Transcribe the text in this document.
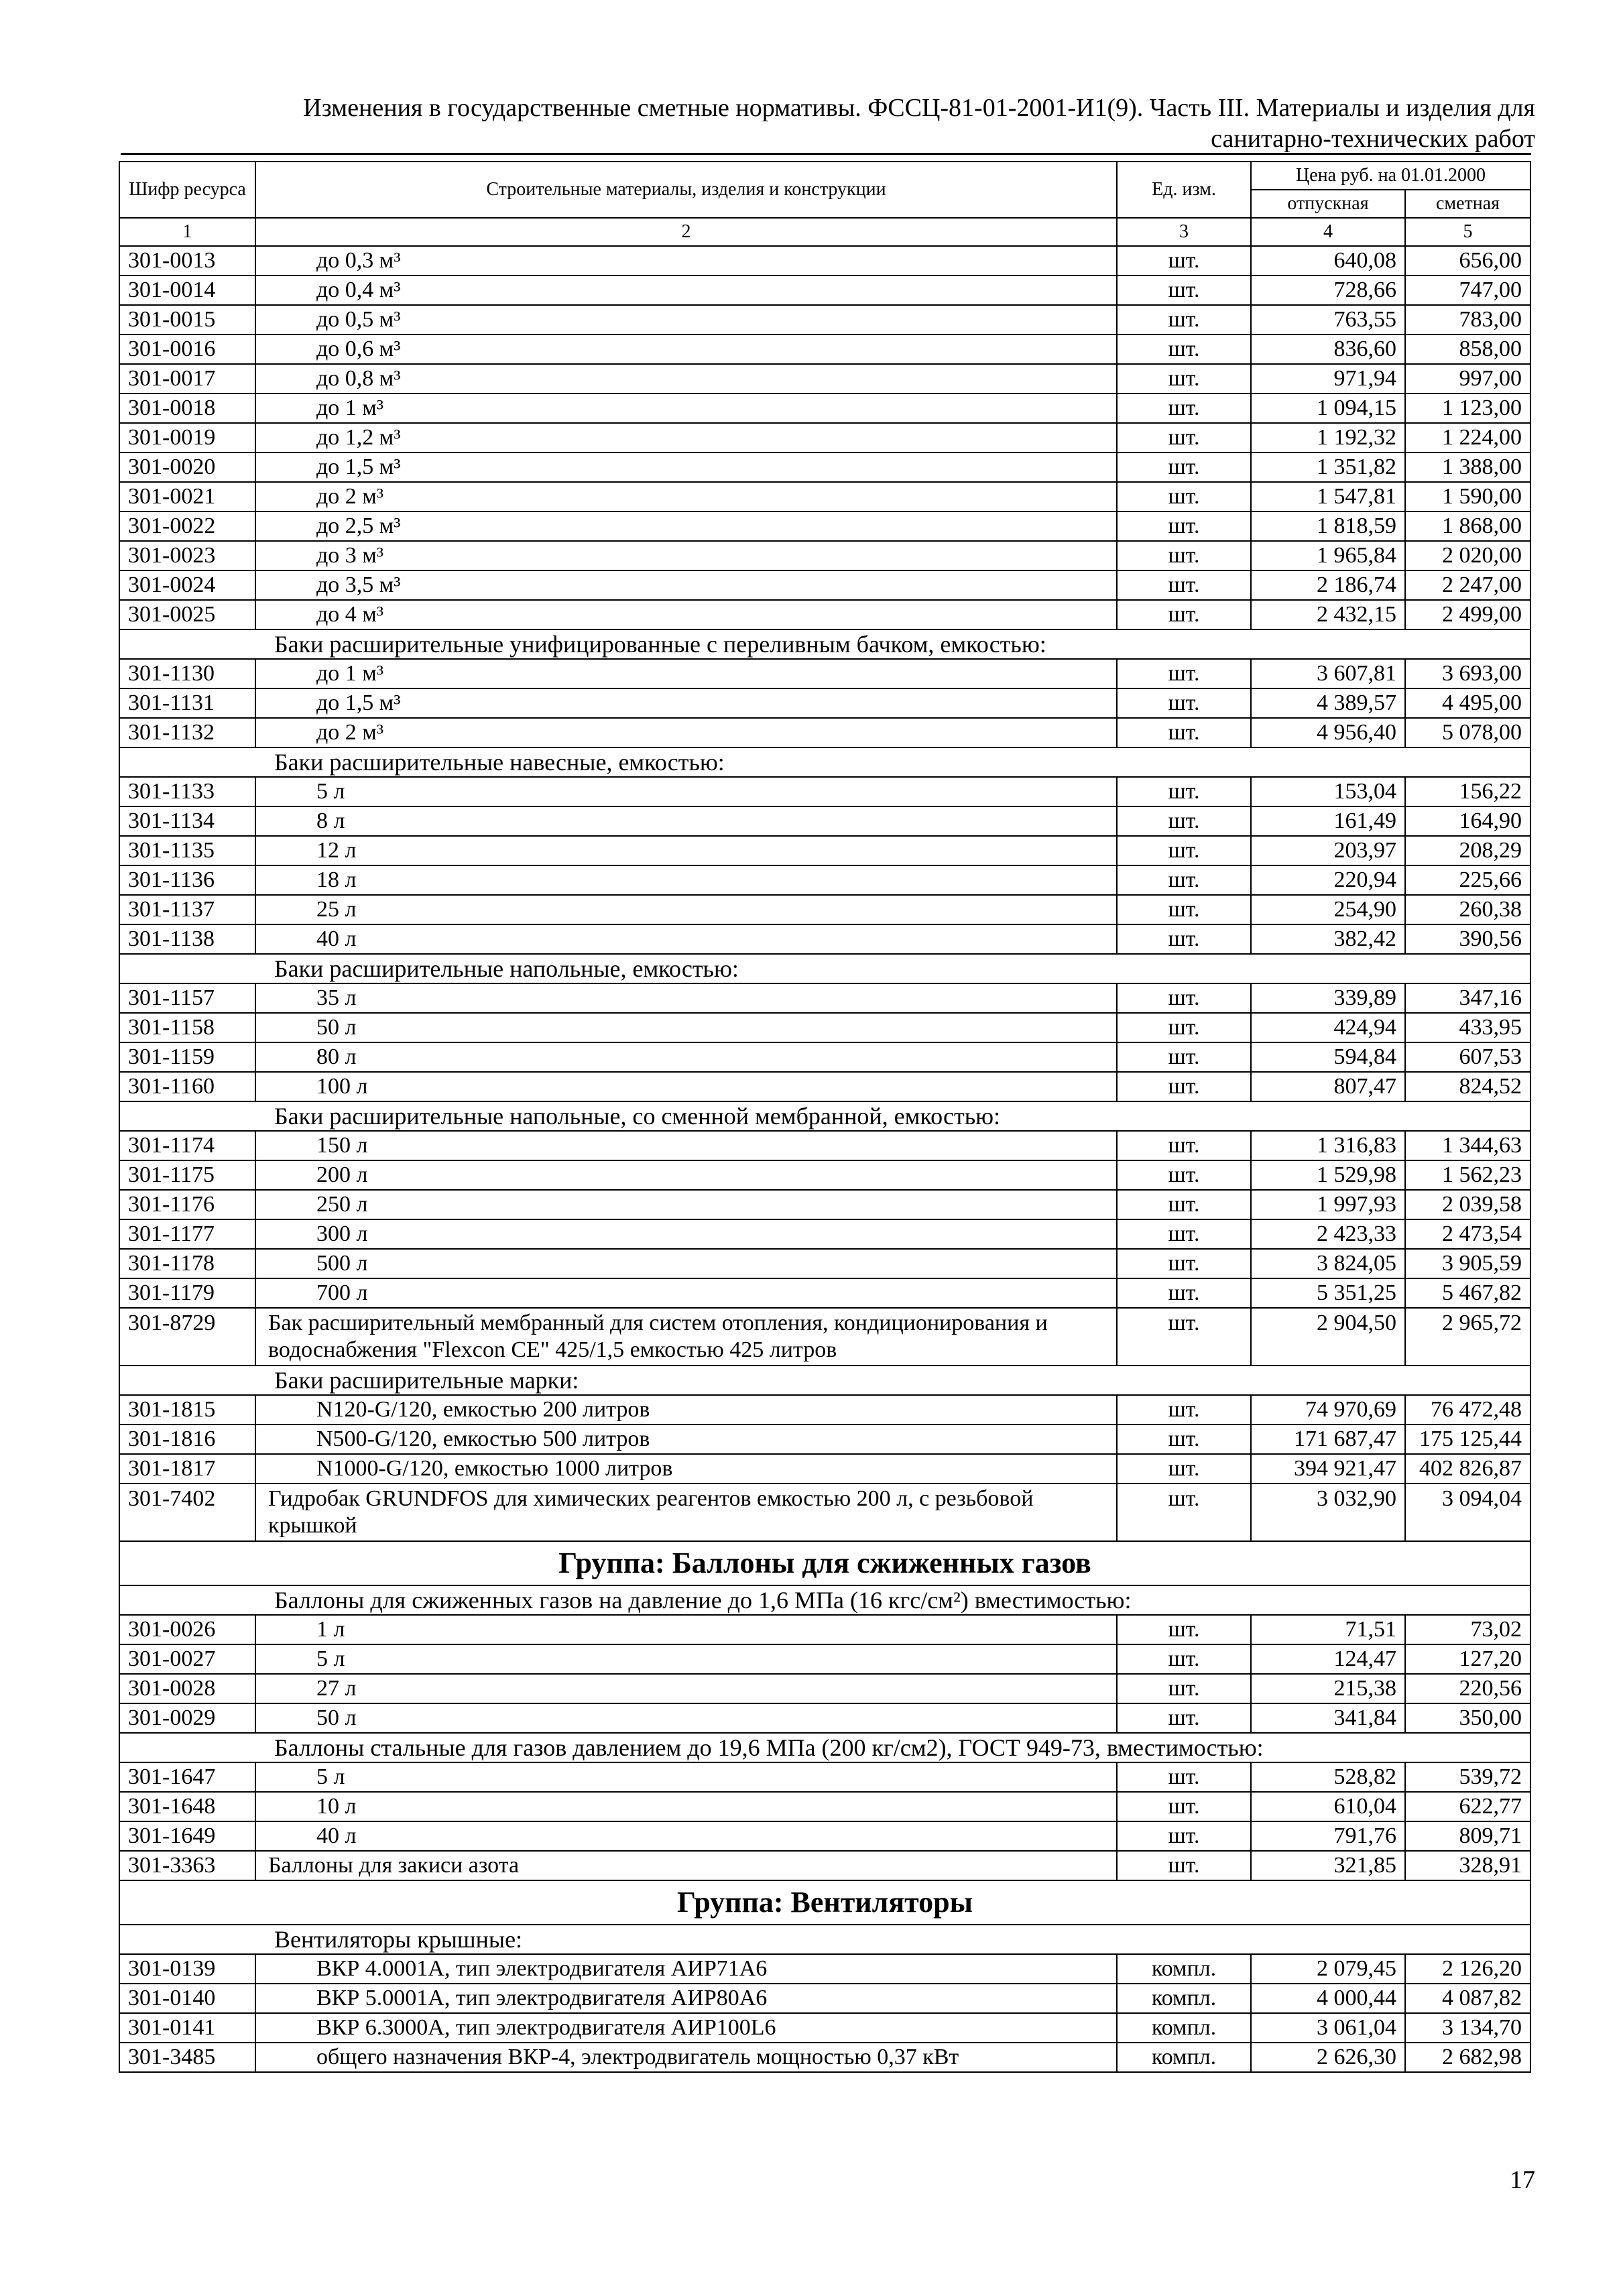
Изменения в государственные сметные нормативы. ФССЦ-81-01-2001-И1(9). Часть III. Материалы и изделия для
санитарно-технических работ
Шифр ресурса	Строительные материалы, изделия и конструкции	Ед. изм.	Цена руб. на 01.01.2000	
			отпускная	сметная
1	2	3	4	5
301-0013	до 0,3 м³	шт.	640,08	656,00
301-0014	до 0,4 м³	шт.	728,66	747,00
301-0015	до 0,5 м³	шт.	763,55	783,00
301-0016	до 0,6 м³	шт.	836,60	858,00
301-0017	до 0,8 м³	шт.	971,94	997,00
301-0018	до 1 м³	шт.	1 094,15	1 123,00
301-0019	до 1,2 м³	шт.	1 192,32	1 224,00
301-0020	до 1,5 м³	шт.	1 351,82	1 388,00
301-0021	до 2 м³	шт.	1 547,81	1 590,00
301-0022	до 2,5 м³	шт.	1 818,59	1 868,00
301-0023	до 3 м³	шт.	1 965,84	2 020,00
301-0024	до 3,5 м³	шт.	2 186,74	2 247,00
301-0025	до 4 м³	шт.	2 432,15	2 499,00
Баки расширительные унифицированные с переливным бачком, емкостью:				
301-1130	до 1 м³	шт.	3 607,81	3 693,00
301-1131	до 1,5 м³	шт.	4 389,57	4 495,00
301-1132	до 2 м³	шт.	4 956,40	5 078,00
Баки расширительные навесные, емкостью:				
301-1133	5 л	шт.	153,04	156,22
301-1134	8 л	шт.	161,49	164,90
301-1135	12 л	шт.	203,97	208,29
301-1136	18 л	шт.	220,94	225,66
301-1137	25 л	шт.	254,90	260,38
301-1138	40 л	шт.	382,42	390,56
Баки расширительные напольные, емкостью:				
301-1157	35 л	шт.	339,89	347,16
301-1158	50 л	шт.	424,94	433,95
301-1159	80 л	шт.	594,84	607,53
301-1160	100 л	шт.	807,47	824,52
Баки расширительные напольные, со сменной мембранной, емкостью:				
301-1174	150 л	шт.	1 316,83	1 344,63
301-1175	200 л	шт.	1 529,98	1 562,23
301-1176	250 л	шт.	1 997,93	2 039,58
301-1177	300 л	шт.	2 423,33	2 473,54
301-1178	500 л	шт.	3 824,05	3 905,59
301-1179	700 л	шт.	5 351,25	5 467,82
301-8729	Бак расширительный мембранный для систем отопления, кондиционирования и водоснабжения "Flexcon CE" 425/1,5 емкостью 425 литров	шт.	2 904,50	2 965,72
Баки расширительные марки:				
301-1815	N120-G/120, емкостью 200 литров	шт.	74 970,69	76 472,48
301-1816	N500-G/120, емкостью 500 литров	шт.	171 687,47	175 125,44
301-1817	N1000-G/120, емкостью 1000 литров	шт.	394 921,47	402 826,87
301-7402	Гидробак GRUNDFOS для химических реагентов емкостью 200 л, с резьбовой крышкой	шт.	3 032,90	3 094,04
Группа: Баллоны для сжиженных газов				
Баллоны для сжиженных газов на давление до 1,6 МПа (16 кгс/см²) вместимостью:				
301-0026	1 л	шт.	71,51	73,02
301-0027	5 л	шт.	124,47	127,20
301-0028	27 л	шт.	215,38	220,56
301-0029	50 л	шт.	341,84	350,00
Баллоны стальные для газов давлением до 19,6 МПа (200 кг/см2), ГОСТ 949-73, вместимостью:				
301-1647	5 л	шт.	528,82	539,72
301-1648	10 л	шт.	610,04	622,77
301-1649	40 л	шт.	791,76	809,71
301-3363	Баллоны для закиси азота	шт.	321,85	328,91
Группа: Вентиляторы				
Вентиляторы крышные:				
301-0139	ВКР 4.0001А, тип электродвигателя АИР71А6	компл.	2 079,45	2 126,20
301-0140	ВКР 5.0001А, тип электродвигателя АИР80А6	компл.	4 000,44	4 087,82
301-0141	ВКР 6.3000А, тип электродвигателя АИР100L6	компл.	3 061,04	3 134,70
301-3485	общего назначения ВКР-4, электродвигатель мощностью 0,37 кВт	компл.	2 626,30	2 682,98
17
